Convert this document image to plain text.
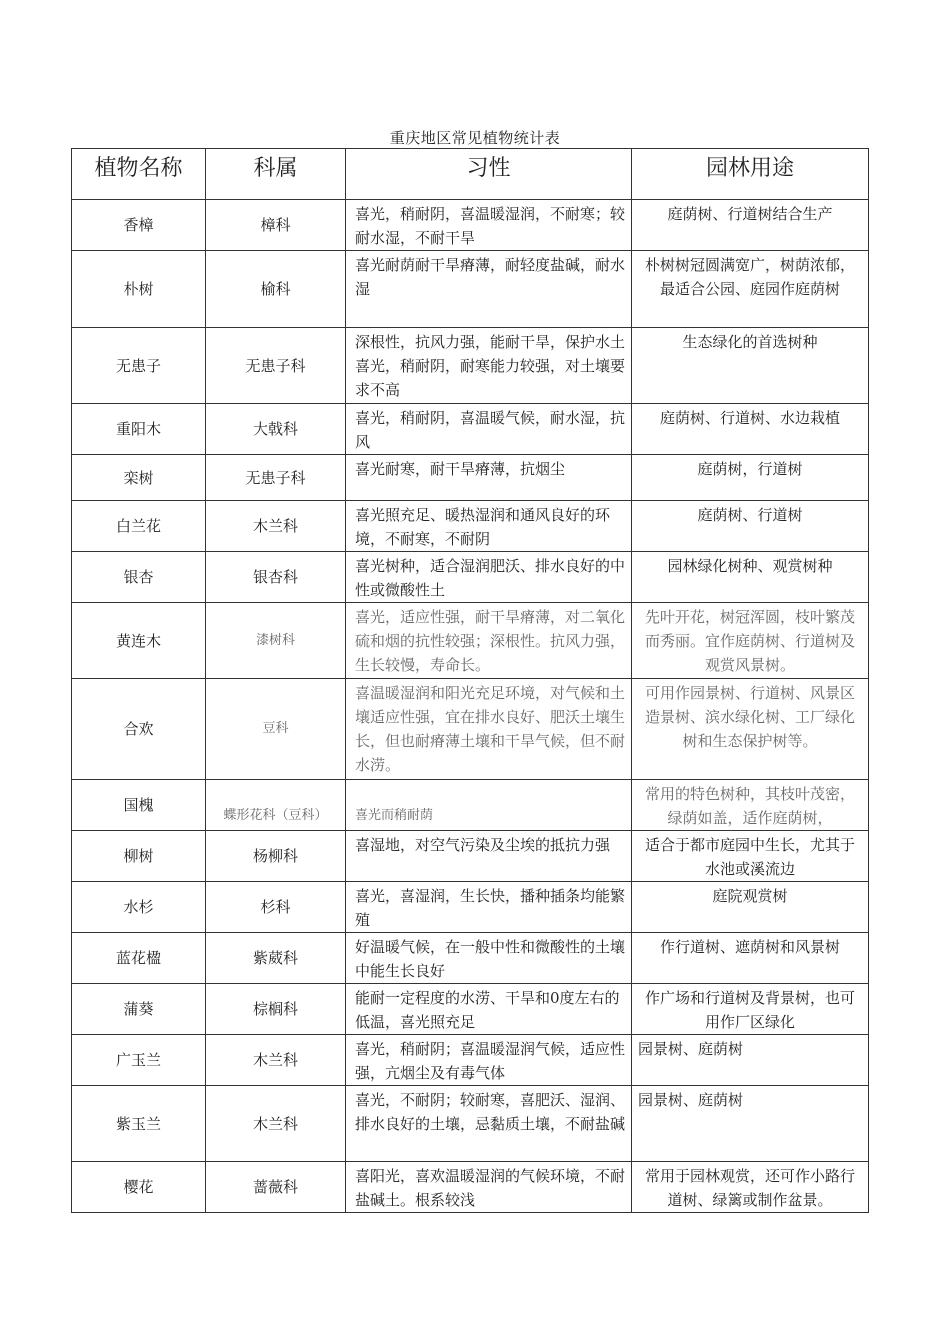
重庆地区常见植物统计表
植物名称	科属	习性	园林用途
香樟	樟科	喜光，稍耐阴，喜温暖湿润，不耐寒；较耐水湿，不耐干旱	庭荫树、行道树结合生产
朴树	榆科	喜光耐荫耐干旱瘠薄，耐轻度盐碱，耐水湿	朴树树冠圆满宽广，树荫浓郁，最适合公园、庭园作庭荫树
无患子	无患子科	深根性，抗风力强，能耐干旱，保护水土　喜光，稍耐阴，耐寒能力较强，对土壤要求不高	生态绿化的首选树种
重阳木	大戟科	喜光，稍耐阴，喜温暖气候，耐水湿，抗风	庭荫树、行道树、水边栽植
栾树	无患子科	喜光耐寒，耐干旱瘠薄，抗烟尘	庭荫树，行道树
白兰花	木兰科	喜光照充足、暖热湿润和通风良好的环境，不耐寒，不耐阴	庭荫树、行道树
银杏	银杏科	喜光树种，适合湿润肥沃、排水良好的中性或微酸性土	园林绿化树种、观赏树种
黄连木	漆树科	喜光，适应性强，耐干旱瘠薄，对二氧化硫和烟的抗性较强；深根性。抗风力强，生长较慢，寿命长。	先叶开花，树冠浑圆，枝叶繁茂而秀丽。宜作庭荫树、行道树及观赏风景树。
合欢	豆科	喜温暖湿润和阳光充足环境，对气候和土壤适应性强，宜在排水良好、肥沃土壤生长，但也耐瘠薄土壤和干旱气候，但不耐水涝。	可用作园景树、行道树、风景区造景树、滨水绿化树、工厂绿化树和生态保护树等。
国槐	蝶形花科（豆科）	喜光而稍耐荫	常用的特色树种，其枝叶茂密，绿荫如盖，适作庭荫树，
柳树	杨柳科	喜湿地，对空气污染及尘埃的抵抗力强	适合于都市庭园中生长，尤其于水池或溪流边
水杉	杉科	喜光，喜湿润，生长快，播种插条均能繁殖	庭院观赏树
蓝花楹	紫葳科	好温暖气候，在一般中性和微酸性的土壤中能生长良好	作行道树、遮荫树和风景树
蒲葵	棕榈科	能耐一定程度的水涝、干旱和0度左右的低温，喜光照充足	作广场和行道树及背景树，也可用作厂区绿化
广玉兰	木兰科	喜光，稍耐阴；喜温暖湿润气候，适应性强，亢烟尘及有毒气体	园景树、庭荫树
紫玉兰	木兰科	喜光，不耐阴；较耐寒，喜肥沃、湿润、排水良好的土壤，忌黏质土壤，不耐盐碱	园景树、庭荫树
樱花	蔷薇科	喜阳光，喜欢温暖湿润的气候环境，不耐盐碱土。根系较浅	常用于园林观赏，还可作小路行道树、绿篱或制作盆景。
